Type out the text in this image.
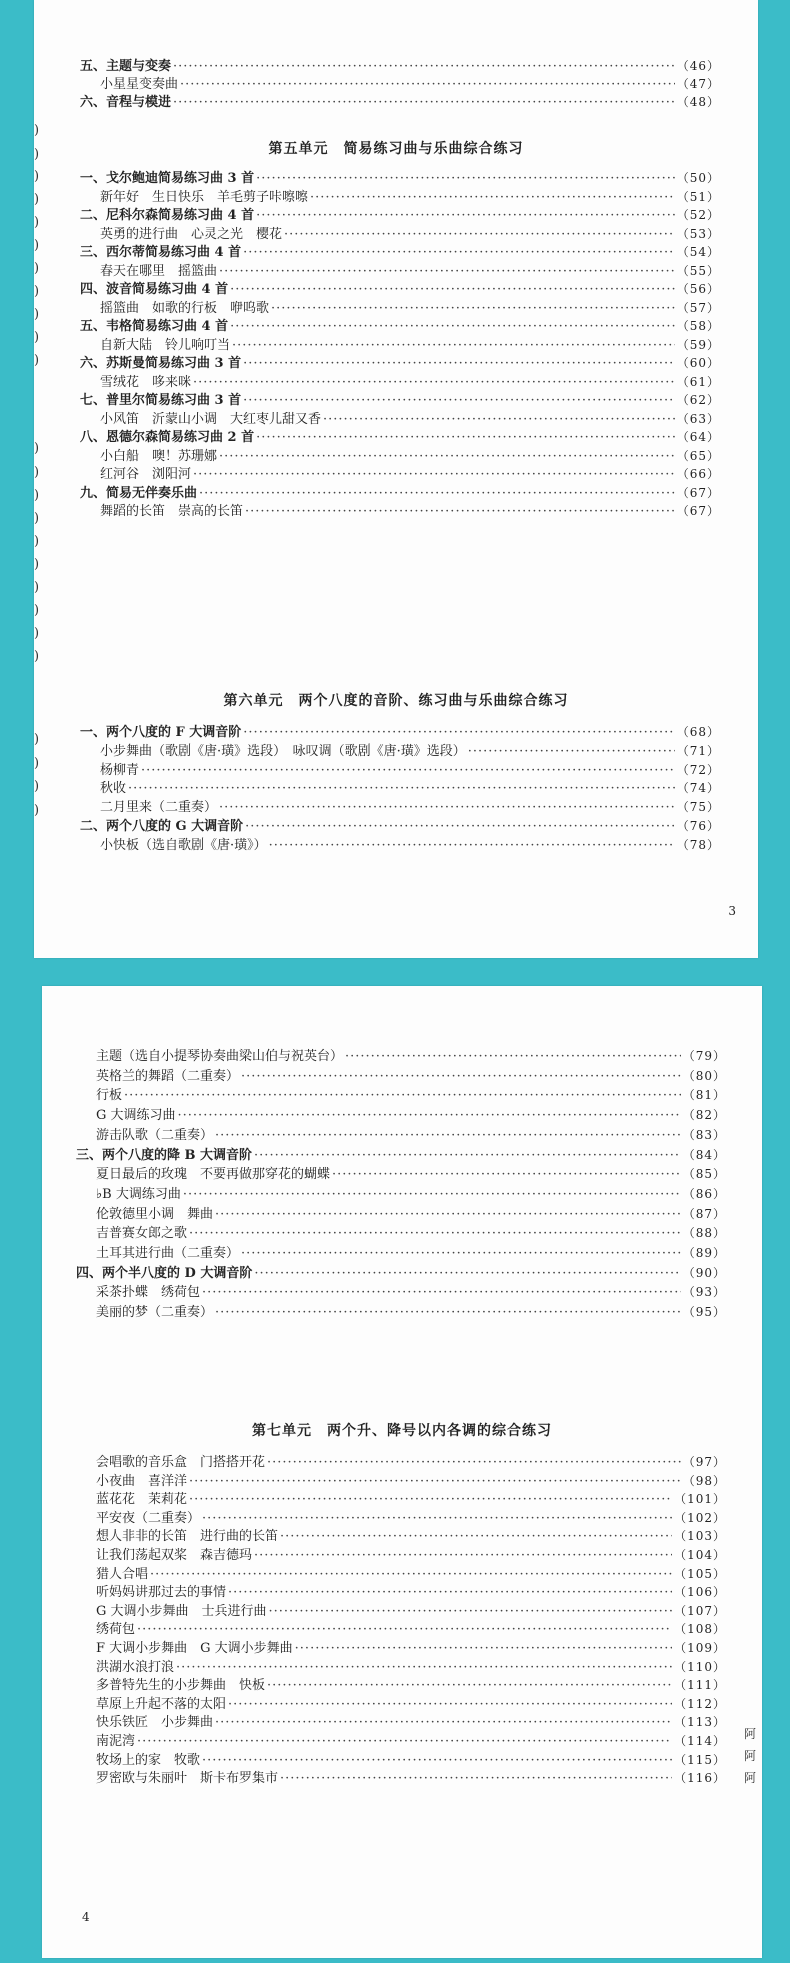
)
)
)
)
)
)
)
)
)
)
)
)
)
)
)
)
)
)
)
)
)
)
)
)
)
五、主题与变奏 ·····	（46）
小星星变奏曲 ·····	（47）
六、音程与模进 ·····	（48）
一、戈尔鲍迪简易练习曲 3 首 ·····	（50）
新年好　生日快乐　羊毛剪子咔嚓嚓 ·····	（51）
二、尼科尔森简易练习曲 4 首 ·····	（52）
英勇的进行曲　心灵之光　樱花 ·····	（53）
三、西尔蒂简易练习曲 4 首 ·····	（54）
春天在哪里　摇篮曲 ·····	（55）
四、波音简易练习曲 4 首 ·····	（56）
摇篮曲　如歌的行板　咿呜歌 ·····	（57）
五、韦格简易练习曲 4 首 ·····	（58）
自新大陆　铃儿响叮当 ·····	（59）
六、苏斯曼简易练习曲 3 首 ·····	（60）
雪绒花　哆来咪 ·····	（61）
七、普里尔简易练习曲 3 首 ·····	（62）
小风笛　沂蒙山小调　大红枣儿甜又香 ·····	（63）
八、恩德尔森简易练习曲 2 首 ·····	（64）
小白船　噢！苏珊娜 ·····	（65）
红河谷　浏阳河 ·····	（66）
九、简易无伴奏乐曲 ·····	（67）
舞蹈的长笛　崇高的长笛 ·····	（67）
一、两个八度的 F 大调音阶 ·····	（68）
小步舞曲（歌剧《唐·璜》选段）　咏叹调（歌剧《唐·璜》选段） ·····	（71）
杨柳青 ·····	（72）
秋收 ·····	（74）
二月里来（二重奏） ·····	（75）
二、两个八度的 G 大调音阶 ·····	（76）
小快板（选自歌剧《唐·璜》） ·····	（78）
第五单元　简易练习曲与乐曲综合练习
第六单元　两个八度的音阶、练习曲与乐曲综合练习
3
主题（选自小提琴协奏曲梁山伯与祝英台） ·····	（79）
英格兰的舞蹈（二重奏） ·····	（80）
行板 ·····	（81）
G 大调练习曲 ·····	（82）
游击队歌（二重奏） ·····	（83）
三、两个八度的降 B 大调音阶 ·····	（84）
夏日最后的玫瑰　不要再做那穿花的蝴蝶 ·····	（85）
♭B 大调练习曲 ·····	（86）
伦敦德里小调　舞曲 ·····	（87）
吉普赛女郎之歌 ·····	（88）
土耳其进行曲（二重奏） ·····	（89）
四、两个半八度的 D 大调音阶 ·····	（90）
采茶扑蝶　绣荷包 ·····	（93）
美丽的梦（二重奏） ·····	（95）
会唱歌的音乐盒　门搭搭开花 ·····	（97）
小夜曲　喜洋洋 ·····	（98）
蓝花花　茉莉花 ·····	（101）
平安夜（二重奏） ·····	（102）
想人非非的长笛　进行曲的长笛 ·····	（103）
让我们荡起双桨　森吉德玛 ·····	（104）
猎人合唱 ·····	（105）
听妈妈讲那过去的事情 ·····	（106）
G 大调小步舞曲　士兵进行曲 ·····	（107）
绣荷包 ·····	（108）
F 大调小步舞曲　G 大调小步舞曲 ·····	（109）
洪湖水浪打浪 ·····	（110）
多普特先生的小步舞曲　快板 ·····	（111）
草原上升起不落的太阳 ·····	（112）
快乐铁匠　小步舞曲 ·····	（113）
南泥湾 ·····	（114）
牧场上的家　牧歌 ·····	（115）
罗密欧与朱丽叶　斯卡布罗集市 ·····	（116）
第七单元　两个升、降号以内各调的综合练习
阿
阿
阿
4
